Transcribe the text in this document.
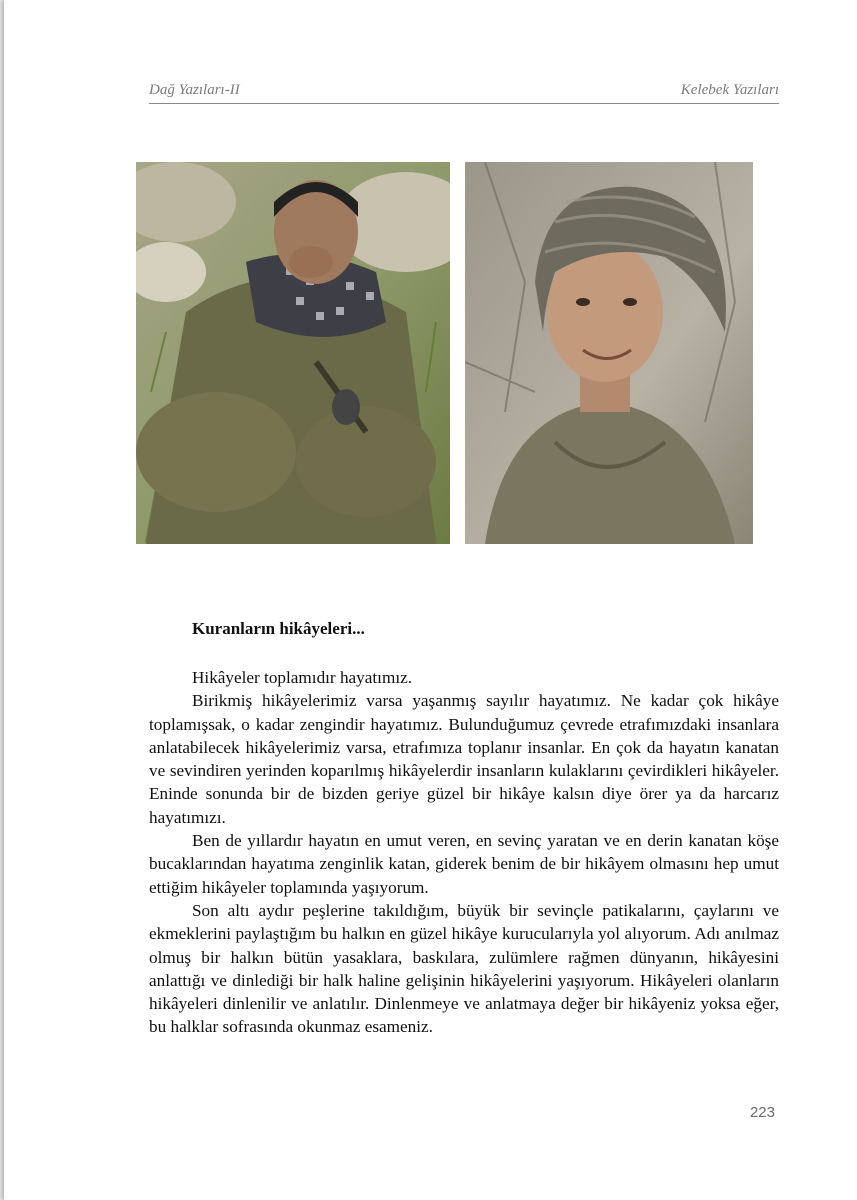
Dağ Yazıları-II	Kelebek Yazıları
Kuranların hikâyeleri...

Hikâyeler toplamıdır hayatımız.

Birikmiş hikâyelerimiz varsa yaşanmış sayılır hayatımız. Ne kadar çok hikâye toplamışsak, o kadar zengindir hayatımız. Bulunduğumuz çevrede etrafımızdaki insanlara anlatabilecek hikâyelerimiz varsa, etrafımıza toplanır insanlar. En çok da hayatın kanatan ve sevindiren yerinden koparılmış hikâyelerdir insanların kulaklarını çevirdikleri hikâyeler. Eninde sonunda bir de bizden geriye güzel bir hikâye kalsın diye örer ya da harcarız hayatımızı.

Ben de yıllardır hayatın en umut veren, en sevinç yaratan ve en derin kanatan köşe bucaklarından hayatıma zenginlik katan, giderek benim de bir hikâyem olmasını hep umut ettiğim hikâyeler toplamında yaşıyorum.

Son altı aydır peşlerine takıldığım, büyük bir sevinçle patikalarını, çaylarını ve ekmeklerini paylaştığım bu halkın en güzel hikâye kurucularıyla yol alıyorum. Adı anılmaz olmuş bir halkın bütün yasaklara, baskılara, zulümlere rağmen dünyanın, hikâyesini anlattığı ve dinlediği bir halk haline gelişinin hikâyelerini yaşıyorum. Hikâyeleri olanların hikâyeleri dinlenilir ve anlatılır. Dinlenmeye ve anlatmaya değer bir hikâyeniz yoksa eğer, bu halklar sofrasında okunmaz esameniz.

223
